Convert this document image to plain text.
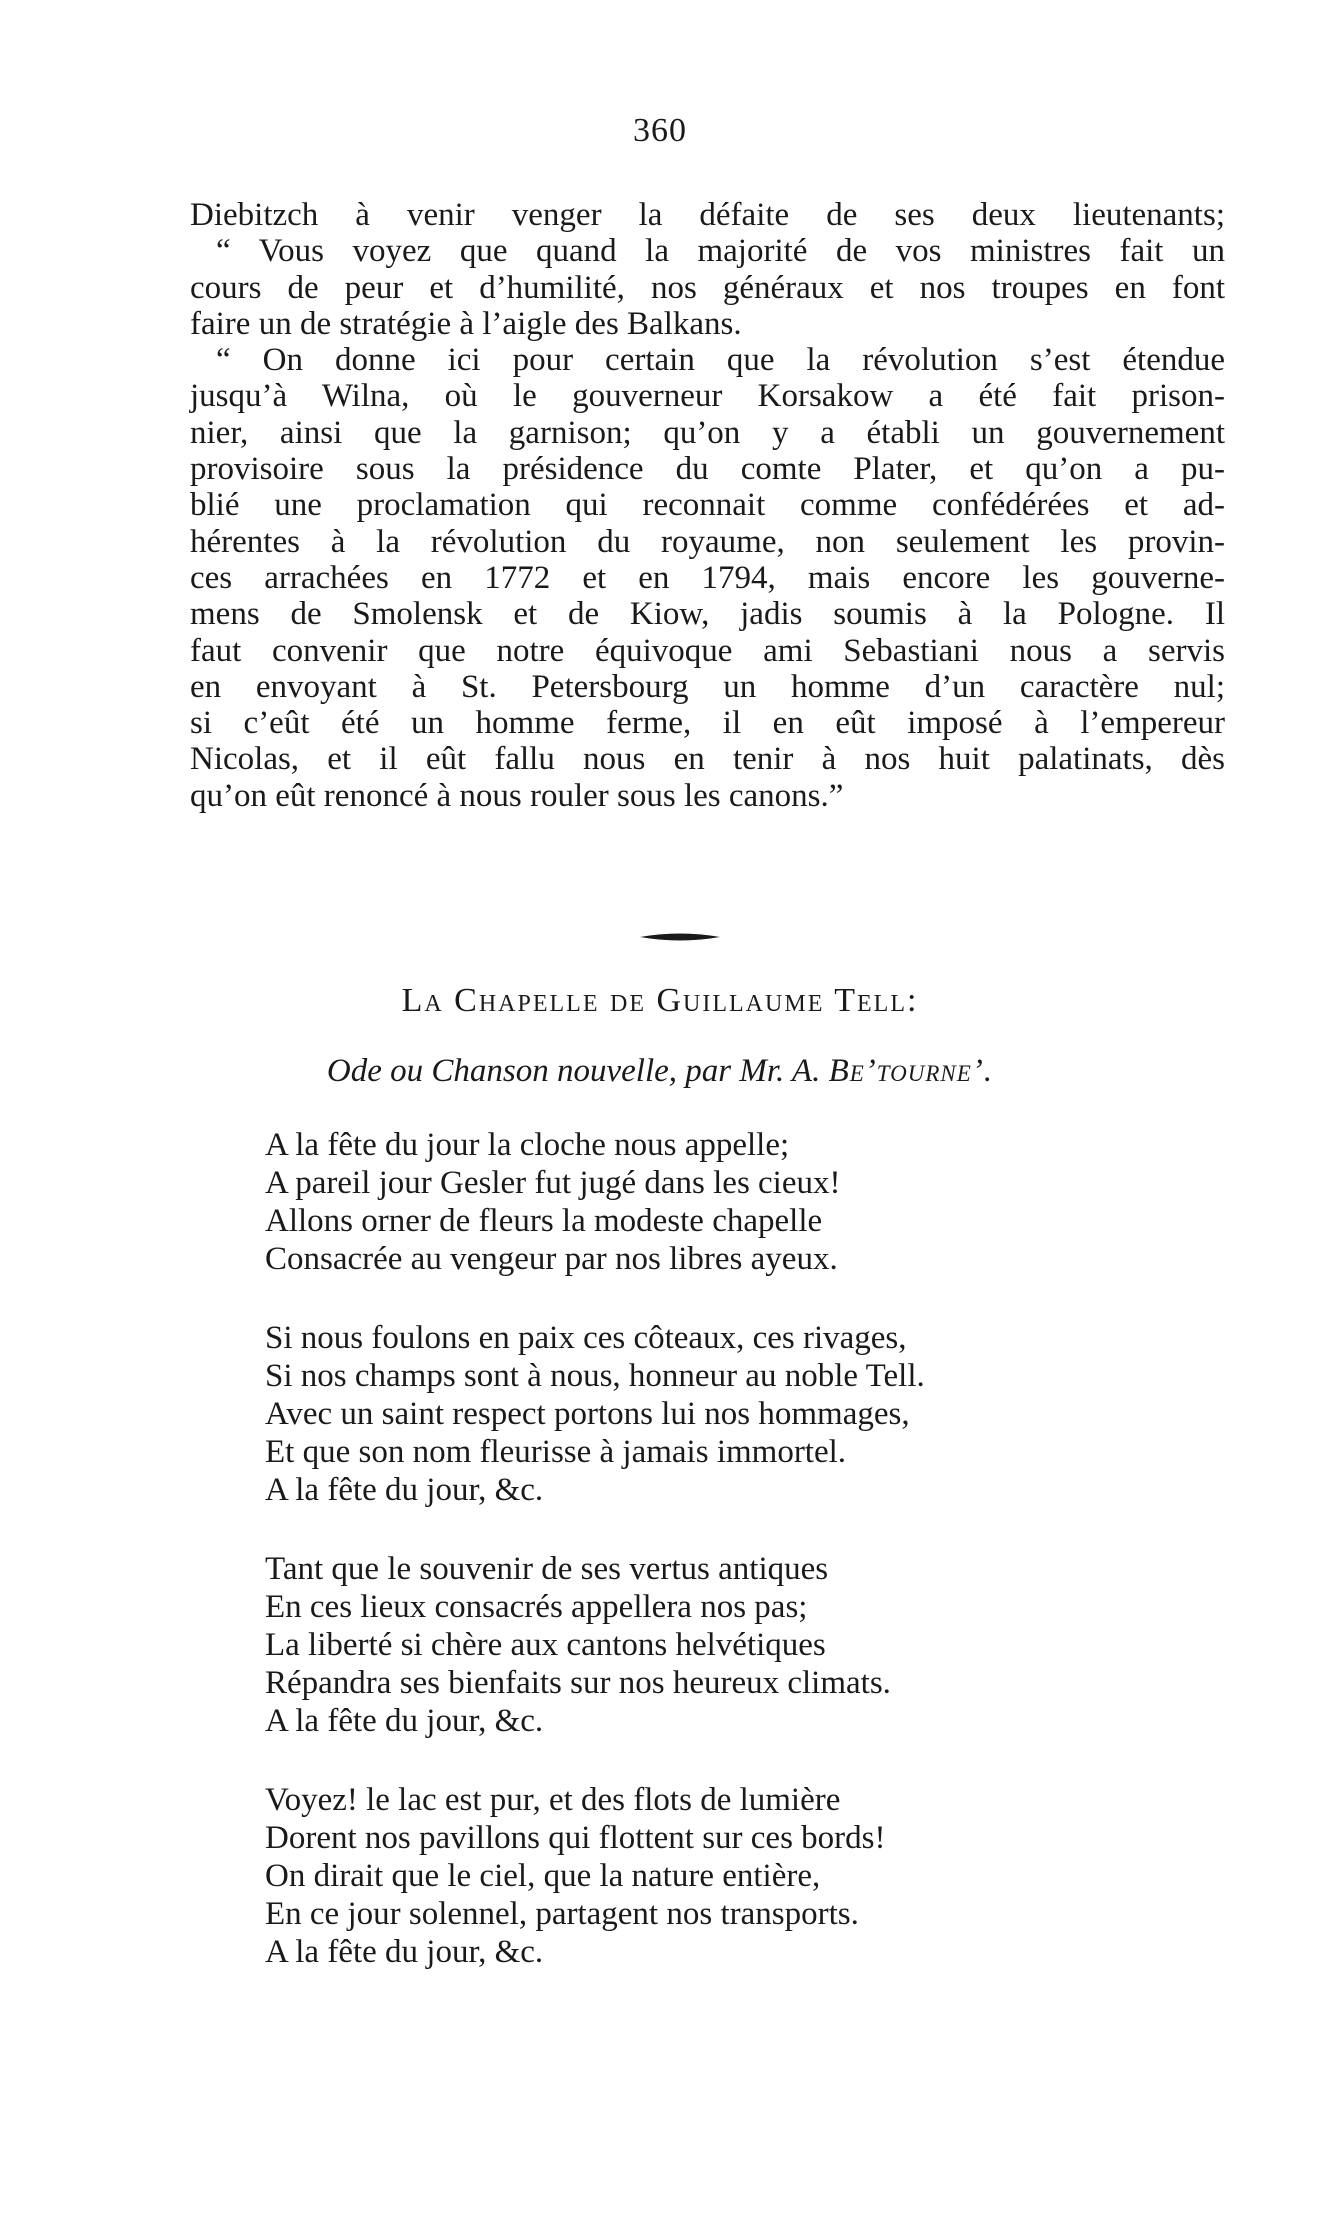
360
Diebitzch à venir venger la défaite de ses deux lieutenants;
“ Vous voyez que quand la majorité de vos ministres fait un
cours de peur et d’humilité, nos généraux et nos troupes en font
faire un de stratégie à l’aigle des Balkans.
“ On donne ici pour certain que la révolution s’est étendue
jusqu’à Wilna, où le gouverneur Korsakow a été fait prison-
nier, ainsi que la garnison; qu’on y a établi un gouvernement
provisoire sous la présidence du comte Plater, et qu’on a pu-
blié une proclamation qui reconnait comme confédérées et ad-
hérentes à la révolution du royaume, non seulement les provin-
ces arrachées en 1772 et en 1794, mais encore les gouverne-
mens de Smolensk et de Kiow, jadis soumis à la Pologne. Il
faut convenir que notre équivoque ami Sebastiani nous a servis
en envoyant à St. Petersbourg un homme d’un caractère nul;
si c’eût été un homme ferme, il en eût imposé à l’empereur
Nicolas, et il eût fallu nous en tenir à nos huit palatinats, dès
qu’on eût renoncé à nous rouler sous les canons.”
La Chapelle de Guillaume Tell:
Ode ou Chanson nouvelle, par Mr. A. Be’tourne’.
A la fête du jour la cloche nous appelle;
A pareil jour Gesler fut jugé dans les cieux!
Allons orner de fleurs la modeste chapelle
Consacrée au vengeur par nos libres ayeux.
Si nous foulons en paix ces côteaux, ces rivages,
Si nos champs sont à nous, honneur au noble Tell.
Avec un saint respect portons lui nos hommages,
Et que son nom fleurisse à jamais immortel.
A la fête du jour, &c.
Tant que le souvenir de ses vertus antiques
En ces lieux consacrés appellera nos pas;
La liberté si chère aux cantons helvétiques
Répandra ses bienfaits sur nos heureux climats.
A la fête du jour, &c.
Voyez! le lac est pur, et des flots de lumière
Dorent nos pavillons qui flottent sur ces bords!
On dirait que le ciel, que la nature entière,
En ce jour solennel, partagent nos transports.
A la fête du jour, &c.
